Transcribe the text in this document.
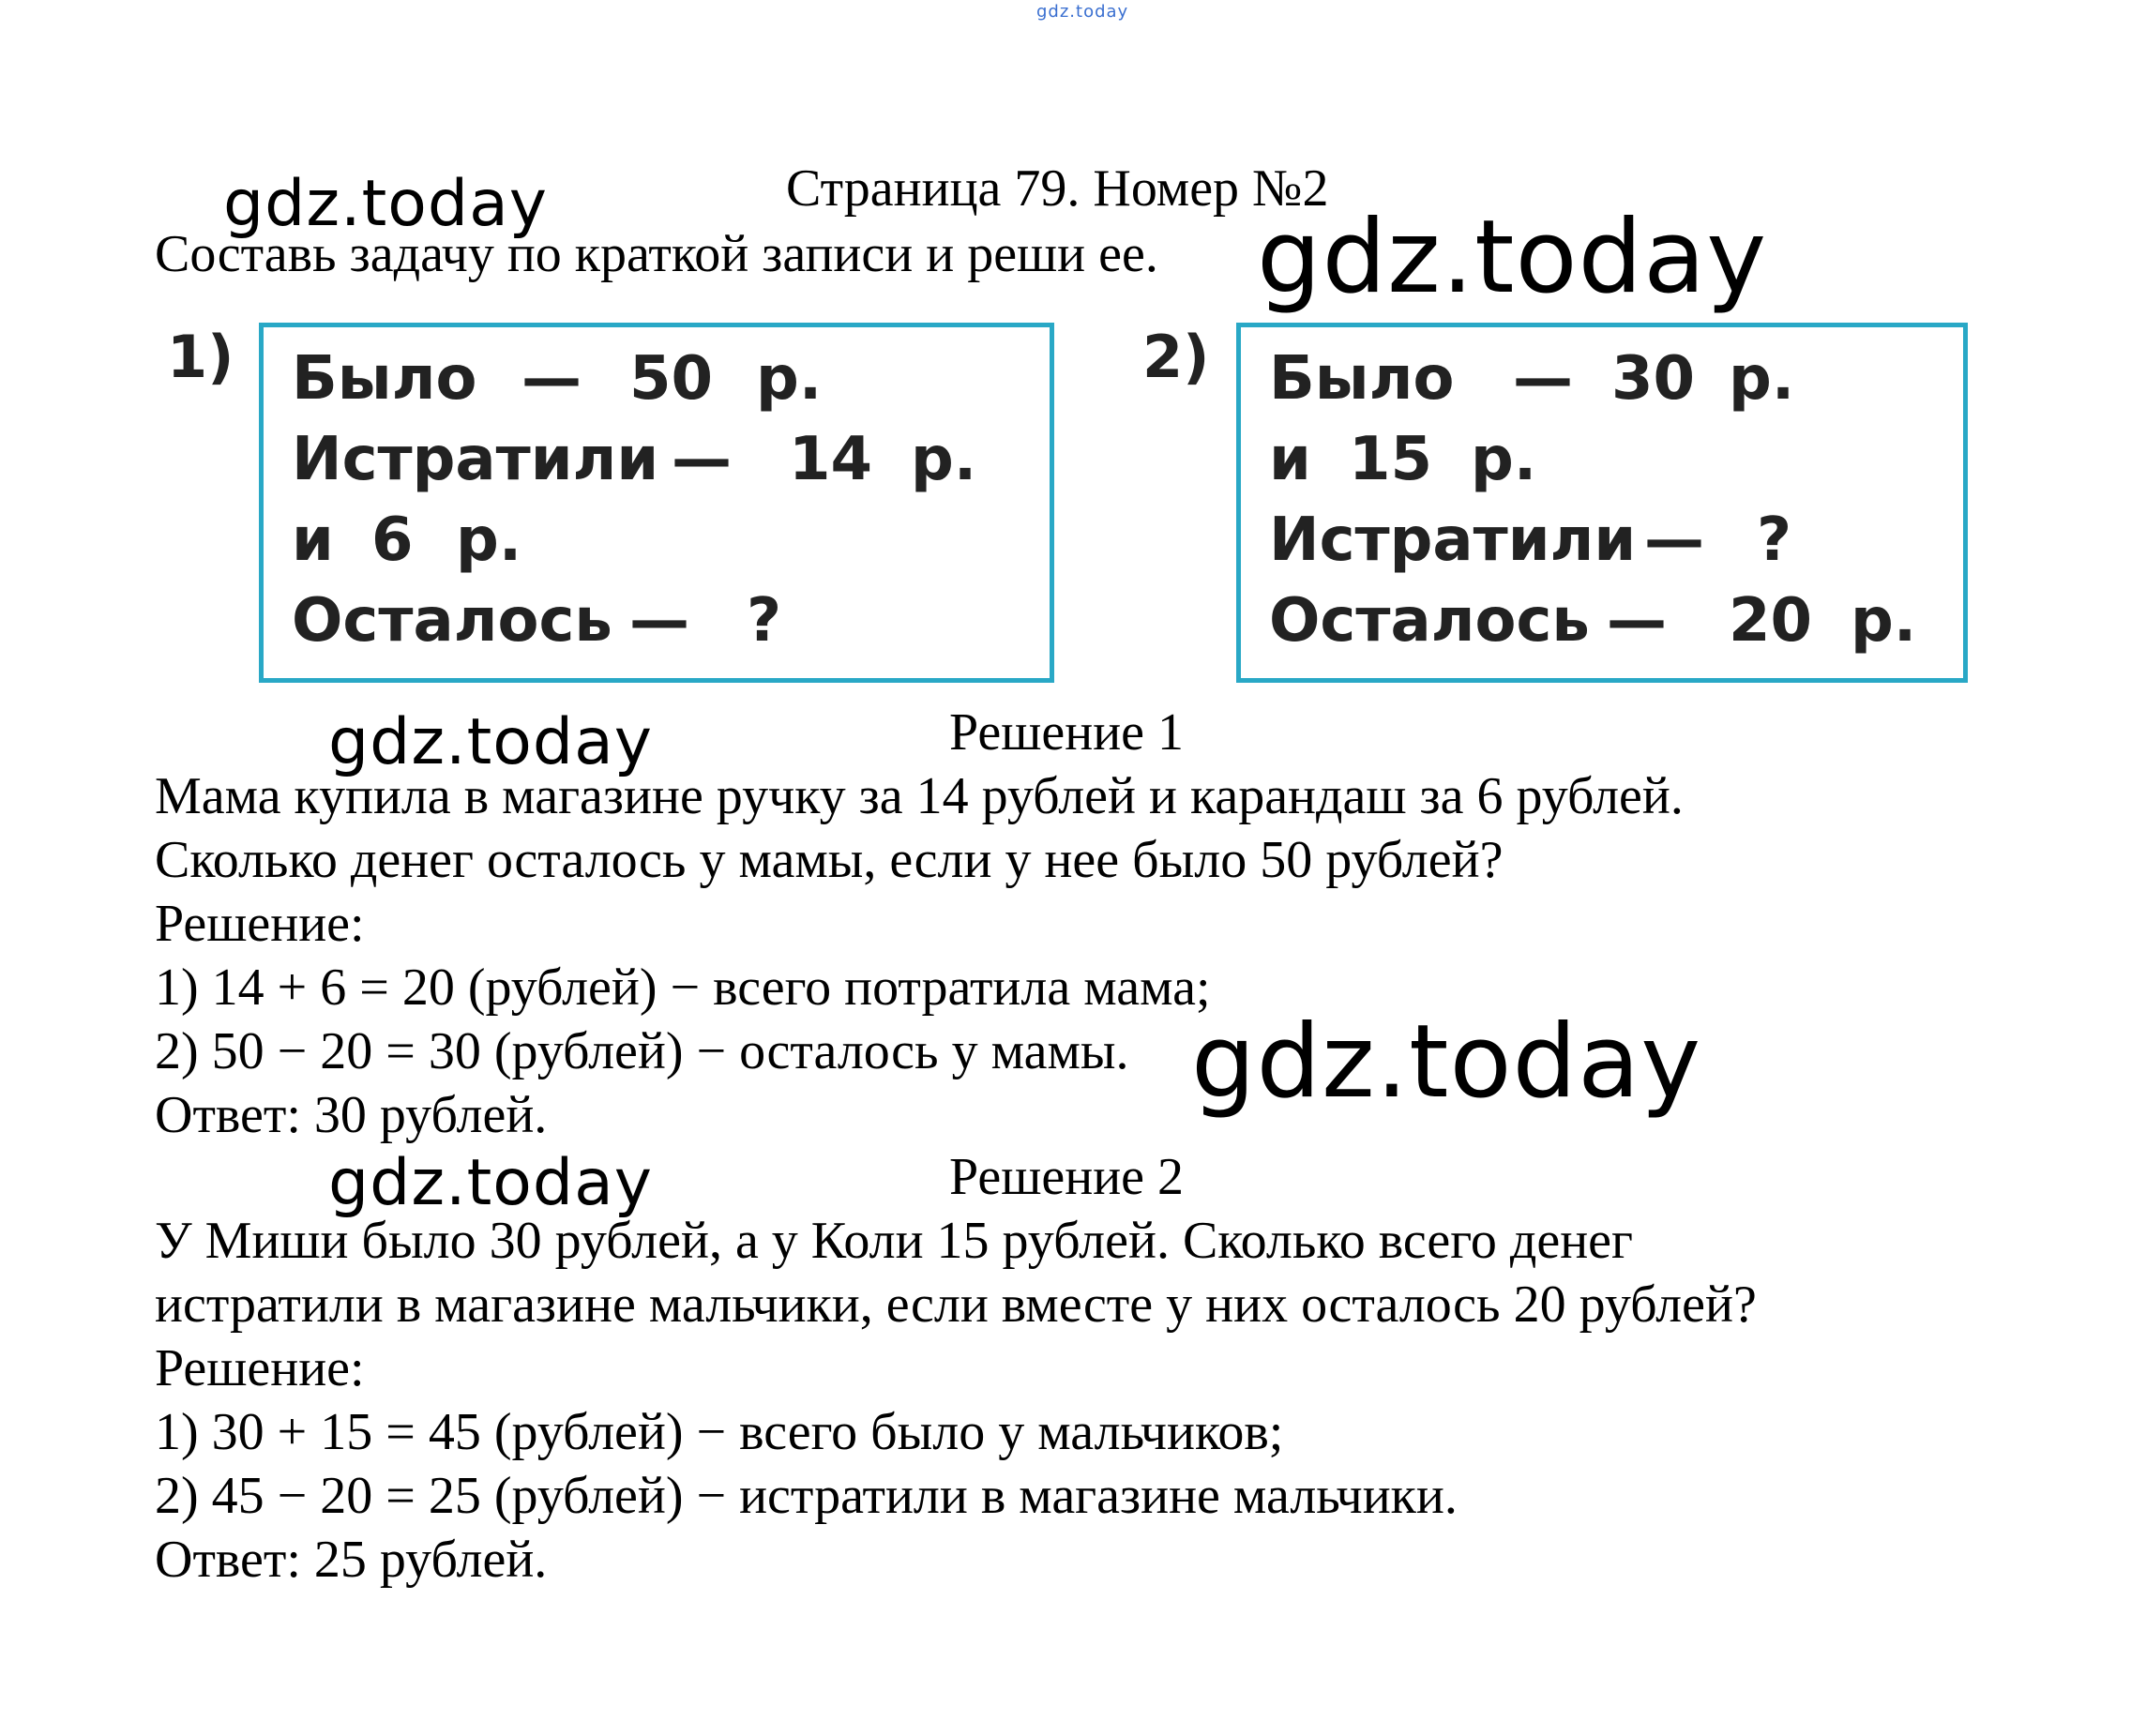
gdz.today
Страница 79. Номер №2
gdz.today
Составь задачу по краткой записи и реши ее. gdz.today
1) Было — 50 р.
Истратили — 14 р.
и 6 р.
Осталось — ?
2) Было — 30 р.
и 15 р.
Истратили — ?
Осталось — 20 р.
gdz.today	Решение 1
Мама купила в магазине ручку за 14 рублей и карандаш за 6 рублей.
Сколько денег осталось у мамы, если у нее было 50 рублей?
Решение:
1) 14 + 6 = 20 (рублей) − всего потратила мама;
2) 50 − 20 = 30 (рублей) − осталось у мамы.
Ответ: 30 рублей.	gdz.today
gdz.today	Решение 2
У Миши было 30 рублей, а у Коли 15 рублей. Сколько всего денег
истратили в магазине мальчики, если вместе у них осталось 20 рублей?
Решение:
1) 30 + 15 = 45 (рублей) − всего было у мальчиков;
2) 45 − 20 = 25 (рублей) − истратили в магазине мальчики.
Ответ: 25 рублей.
